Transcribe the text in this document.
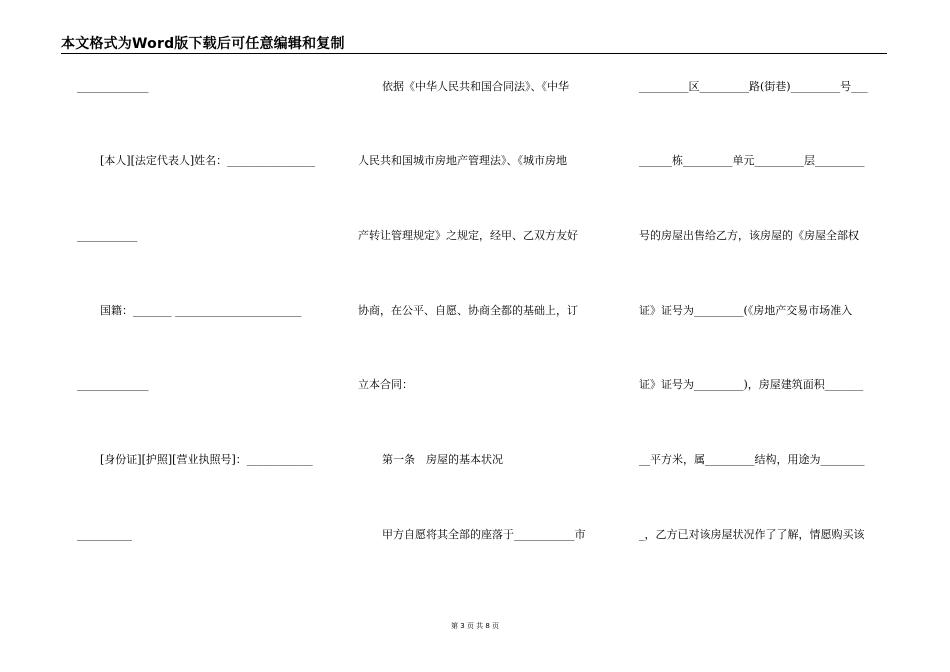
本文格式为Word版下载后可任意编辑和复制
_____________
[本人][法定代表人]姓名：________________
___________
国籍：_______ _______________________
_____________
[身份证][护照][营业执照号]：____________
__________
依据《中华人民共和国合同法》、《中华
人民共和国城市房地产管理法》、《城市房地
产转让管理规定》之规定，经甲、乙双方友好
协商，在公平、自愿、协商全都的基础上，订
立本合同：
第一条　房屋的基本状况
甲方自愿将其全部的座落于___________市
_________区_________路(街巷)_________号___
______栋_________单元_________层_________
号的房屋出售给乙方，该房屋的《房屋全部权
证》证号为_________(《房地产交易市场准入
证》证号为_________)，房屋建筑面积_______
__平方米，属_________结构，用途为________
_，乙方已对该房屋状况作了了解，情愿购买该
第 3 页 共 8 页
